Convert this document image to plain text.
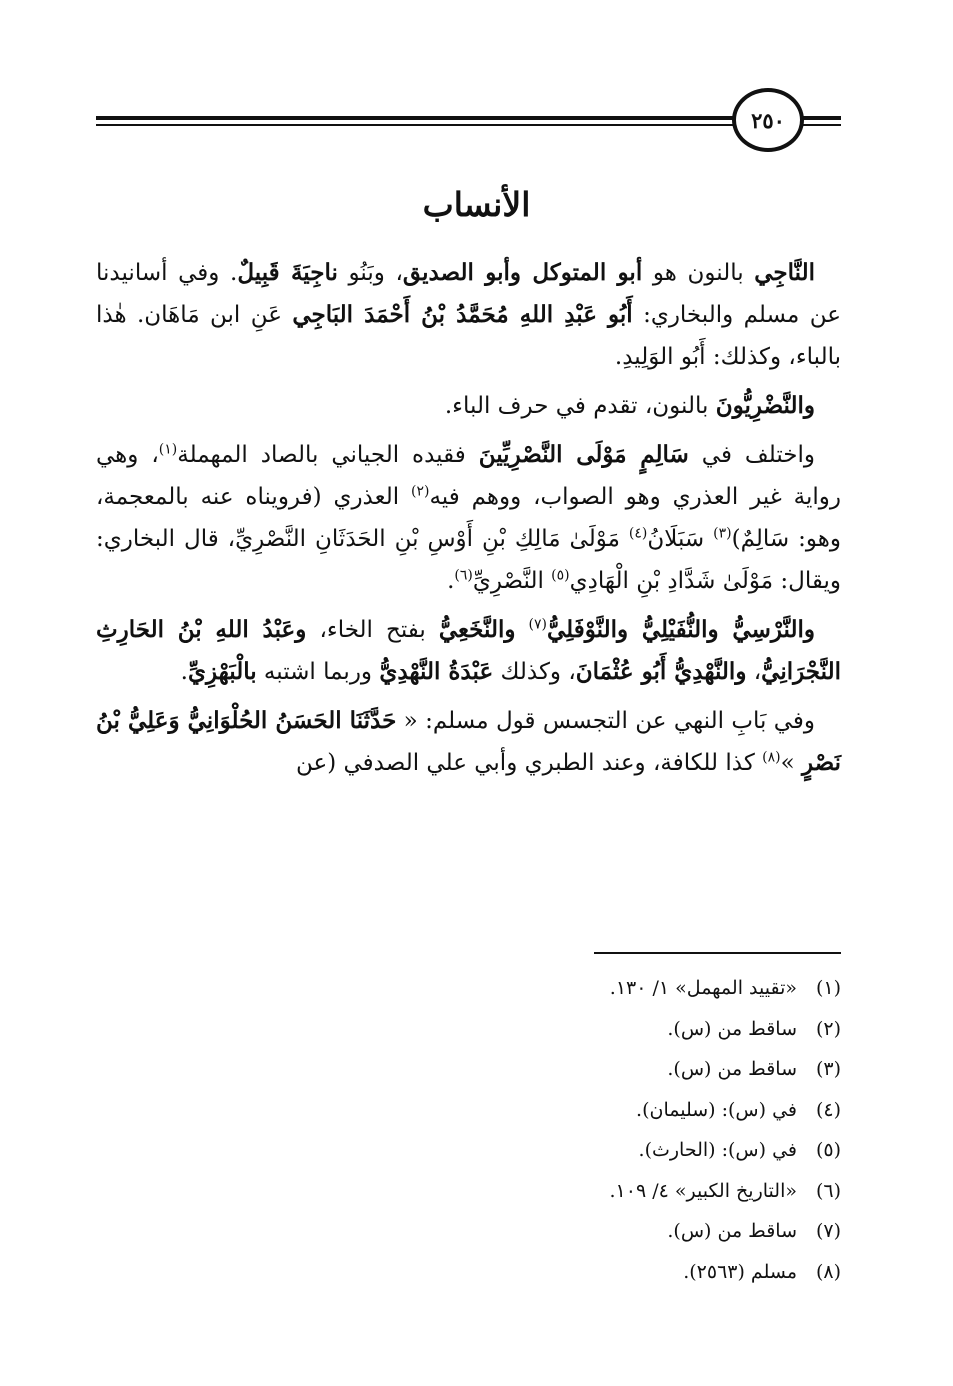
٢٥٠
الأنساب

النَّاجِي بالنون هو أبو المتوكل وأبو الصديق، وبَنُو ناجِيَةَ قَبِيلٌ. وفي أسانيدنا عن مسلم والبخاري: أَبُو عَبْدِ اللهِ مُحَمَّدُ بْنُ أَحْمَدَ البَاجِي عَنِ ابن مَاهَان. هٰذا بالباء، وكذلك: أَبُو الوَلِيدِ.

والنَّضْرِيُّونَ بالنون، تقدم في حرف الباء.

واختلف في سَالِمٍ مَوْلَى النَّصْرِيِّينَ فقيده الجياني بالصاد المهملة$^{(١)}$، وهي رواية غير العذري وهو الصواب، ووهم فيه$^{(٢)}$ العذري (فرويناه عنه بالمعجمة، وهو: سَالِمٌ)$^{(٣)}$ سَبَلَانُ$^{(٤)}$ مَوْلَىٰ مَالِكِ بْنِ أَوْسِ بْنِ الحَدَثَانِ النَّصْرِيِّ، قال البخاري: ويقال: مَوْلَىٰ شَدَّادِ بْنِ الْهَادِي$^{(٥)}$ النَّصْرِيِّ$^{(٦)}$.

والنَّرْسِيُّ والنُّفَيْلِيُّ والنَّوْفَلِيُّ$^{(٧)}$ والنَّخَعِيُّ بفتح الخاء، وعَبْدُ اللهِ بْنُ الحَارِثِ النَّجْرَانِيُّ، والنَّهْدِيُّ أَبُو عُثْمَانَ، وكذلك عَبْدَةُ النَّهْدِيُّ وربما اشتبه بالْبَهْزِيِّ.

وفي بَابِ النهي عن التجسس قول مسلم: « حَدَّثَنَا الحَسَنُ الحُلْوَانِيُّ وَعَلِيُّ بْنُ نَصْرٍ »$^{(٨)}$ كذا للكافة، وعند الطبري وأبي علي الصدفي (عن

(١)
«تقييد المهمل» ١/ ١٣٠.
(٢)
ساقط من (س).
(٣)
ساقط من (س).
(٤)
في (س): (سليمان).
(٥)
في (س): (الحارث).
(٦)
«التاريخ الكبير» ٤/ ١٠٩.
(٧)
ساقط من (س).
(٨)
مسلم (٢٥٦٣).
